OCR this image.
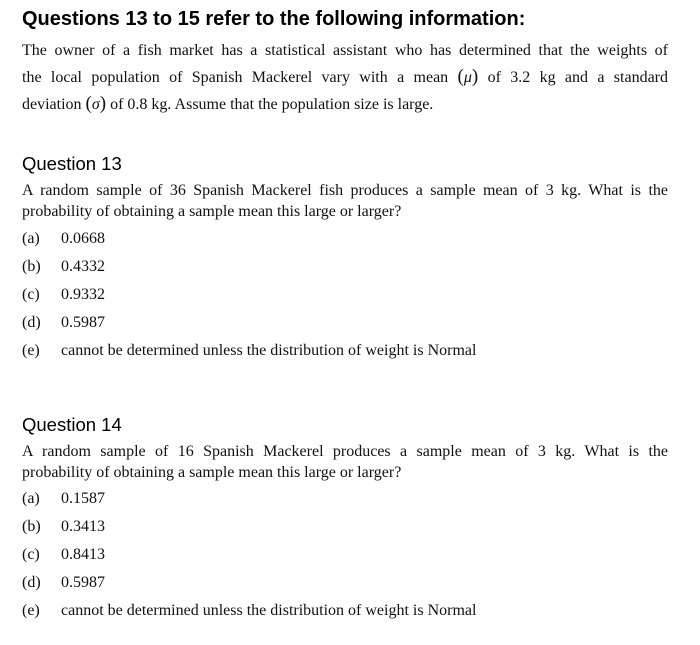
Questions 13 to 15 refer to the following information:
The owner of a fish market has a statistical assistant who has determined that the weights of
the local population of Spanish Mackerel vary with a mean (μ) of 3.2 kg and a standard
deviation (σ) of 0.8 kg. Assume that the population size is large.
Question 13
A random sample of 36 Spanish Mackerel fish produces a sample mean of 3 kg. What is the
probability of obtaining a sample mean this large or larger?
(a) 0.0668
(b) 0.4332
(c) 0.9332
(d) 0.5987
(e) cannot be determined unless the distribution of weight is Normal
Question 14
A random sample of 16 Spanish Mackerel produces a sample mean of 3 kg. What is the
probability of obtaining a sample mean this large or larger?
(a) 0.1587
(b) 0.3413
(c) 0.8413
(d) 0.5987
(e) cannot be determined unless the distribution of weight is Normal
